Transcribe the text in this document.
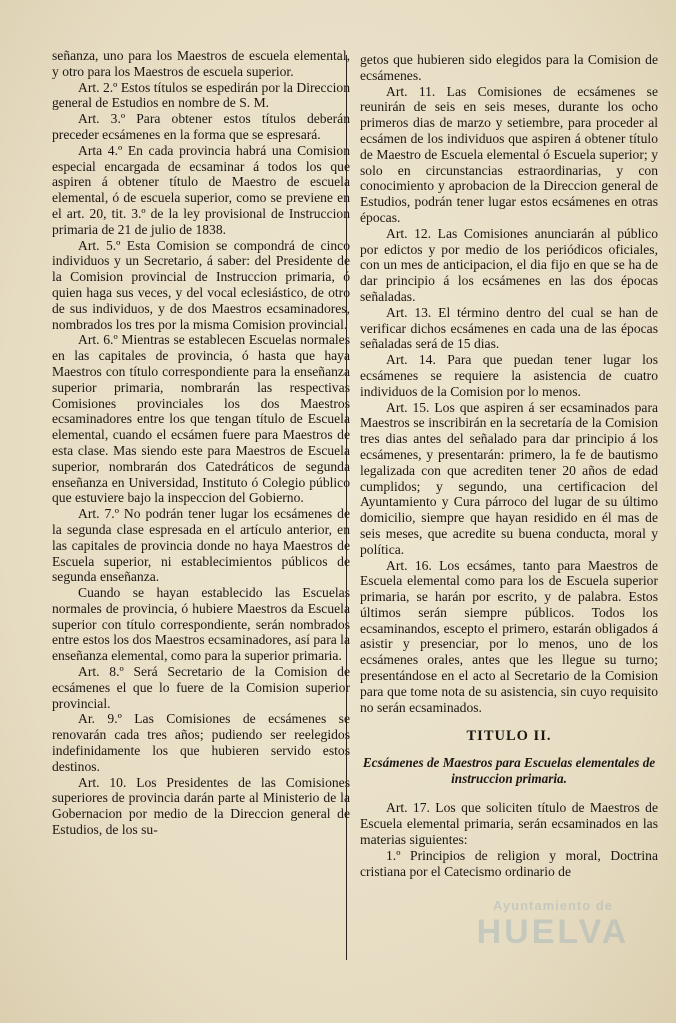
señanza, uno para los Maestros de escuela elemental, y otro para los Maestros de escuela superior.

Art. 2.º Estos títulos se espedirán por la Direccion general de Estudios en nombre de S. M.

Art. 3.º Para obtener estos títulos deberán preceder ecsámenes en la forma que se espresará.

Arta 4.º En cada provincia habrá una Comision especial encargada de ecsaminar á todos los que aspiren á obtener título de Maestro de escuela elemental, ó de escuela superior, como se previene en el art. 20, tit. 3.º de la ley provisional de Instruccion primaria de 21 de julio de 1838.

Art. 5.º Esta Comision se compondrá de cinco individuos y un Secretario, á saber: del Presidente de la Comision provincial de Instruccion primaria, ó quien haga sus veces, y del vocal eclesiástico, de otro de sus individuos, y de dos Maestros ecsaminadores, nombrados los tres por la misma Comision provincial.

Art. 6.º Mientras se establecen Escuelas normales en las capitales de provincia, ó hasta que haya Maestros con título correspondiente para la enseñanza superior primaria, nombrarán las respectivas Comisiones provinciales los dos Maestros ecsaminadores entre los que tengan título de Escuela elemental, cuando el ecsámen fuere para Maestros de esta clase. Mas siendo este para Maestros de Escuela superior, nombrarán dos Catedráticos de segunda enseñanza en Universidad, Instituto ó Colegio público que estuviere bajo la inspeccion del Gobierno.

Art. 7.º No podrán tener lugar los ecsámenes de la segunda clase espresada en el artículo anterior, en las capitales de provincia donde no haya Maestros de Escuela superior, ni establecimientos públicos de segunda enseñanza.

Cuando se hayan establecido las Escuelas normales de provincia, ó hubiere Maestros da Escuela superior con título correspondiente, serán nombrados entre estos los dos Maestros ecsaminadores, así para la enseñanza elemental, como para la superior primaria.

Art. 8.º Será Secretario de la Comision de ecsámenes el que lo fuere de la Comision superior provincial.

Ar. 9.º Las Comisiones de ecsámenes se renovarán cada tres años; pudiendo ser reelegidos indefinidamente los que hubieren servido estos destinos.

Art. 10. Los Presidentes de las Comisiones superiores de provincia darán parte al Ministerio de la Gobernacion por medio de la Direccion general de Estudios, de los su-

getos que hubieren sido elegidos para la Comision de ecsámenes.

Art. 11. Las Comisiones de ecsámenes se reunirán de seis en seis meses, durante los ocho primeros dias de marzo y setiembre, para proceder al ecsámen de los individuos que aspiren á obtener título de Maestro de Escuela elemental ó Escuela superior; y solo en circunstancias estraordinarias, y con conocimiento y aprobacion de la Direccion general de Estudios, podrán tener lugar estos ecsámenes en otras épocas.

Art. 12. Las Comisiones anunciarán al público por edictos y por medio de los periódicos oficiales, con un mes de anticipacion, el dia fijo en que se ha de dar principio á los ecsámenes en las dos épocas señaladas.

Art. 13. El término dentro del cual se han de verificar dichos ecsámenes en cada una de las épocas señaladas será de 15 dias.

Art. 14. Para que puedan tener lugar los ecsámenes se requiere la asistencia de cuatro individuos de la Comision por lo menos.

Art. 15. Los que aspiren á ser ecsaminados para Maestros se inscribirán en la secretaría de la Comision tres dias antes del señalado para dar principio á los ecsámenes, y presentarán: primero, la fe de bautismo legalizada con que acrediten tener 20 años de edad cumplidos; y segundo, una certificacion del Ayuntamiento y Cura párroco del lugar de su último domicilio, siempre que hayan residido en él mas de seis meses, que acredite su buena conducta, moral y política.

Art. 16. Los ecsámes, tanto para Maestros de Escuela elemental como para los de Escuela superior primaria, se harán por escrito, y de palabra. Estos últimos serán siempre públicos. Todos los ecsaminandos, escepto el primero, estarán obligados á asistir y presenciar, por lo menos, uno de los ecsámenes orales, antes que les llegue su turno; presentándose en el acto al Secretario de la Comision para que tome nota de su asistencia, sin cuyo requisito no serán ecsaminados.

TITULO II.
Ecsámenes de Maestros para Escuelas elementales de instruccion primaria.

Art. 17. Los que soliciten título de Maestros de Escuela elemental primaria, serán ecsaminados en las materias siguientes:

1.º Principios de religion y moral, Doctrina cristiana por el Catecismo ordinario de

Ayuntamiento de
HUELVA
